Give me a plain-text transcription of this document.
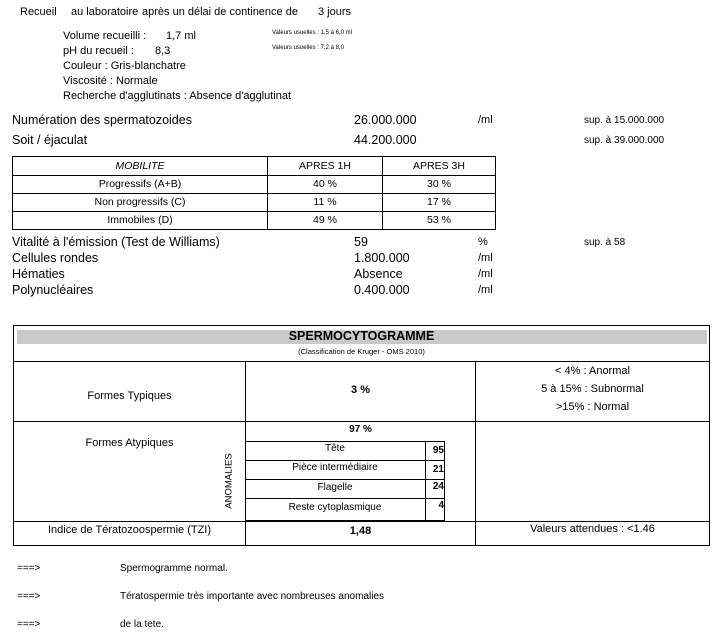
Recueil au laboratoire après un délai de continence de 3 jours
Volume recueilli : 1,7 ml	Valeurs usuelles : 1,5 à 6,0 ml
pH du recueil : 8,3	Valeurs usuelles : 7,2 à 8,0
Couleur : Gris-blanchatre
Viscosité : Normale
Recherche d'agglutinats : Absence d'agglutinat
Numération des spermatozoides	26.000.000	/ml	sup. à 15.000.000
Soit / éjaculat	44.200.000	sup. à 39.000.000
MOBILITE	APRES 1H	APRES 3H
Progressifs (A+B)	40 %	30 %
Non progressifs (C)	11 %	17 %
Immobiles (D)	49 %	53 %
Vitalité à l'émission (Test de Williams)	59	%	sup. à 58
Cellules rondes	1.800.000	/ml
Hématies	Absence	/ml
Polynucléaires	0.400.000	/ml
SPERMOCYTOGRAMME
(Classification de Kruger - OMS 2010)
Formes Typiques	3 %
< 4% : Anormal
5 à 15% : Subnormal
>15% : Normal
Formes Atypiques
97 %
ANOMALIES
Tête	95
Pièce intermédiaire	21
Flagelle	24
Reste cytoplasmique	4
Indice de Tératozoospermie (TZI)	1,48	Valeurs attendues : <1.46
===>	Spermogramme normal.
===>	Tératospermie très importante avec nombreuses anomalies
===>	de la tete.
